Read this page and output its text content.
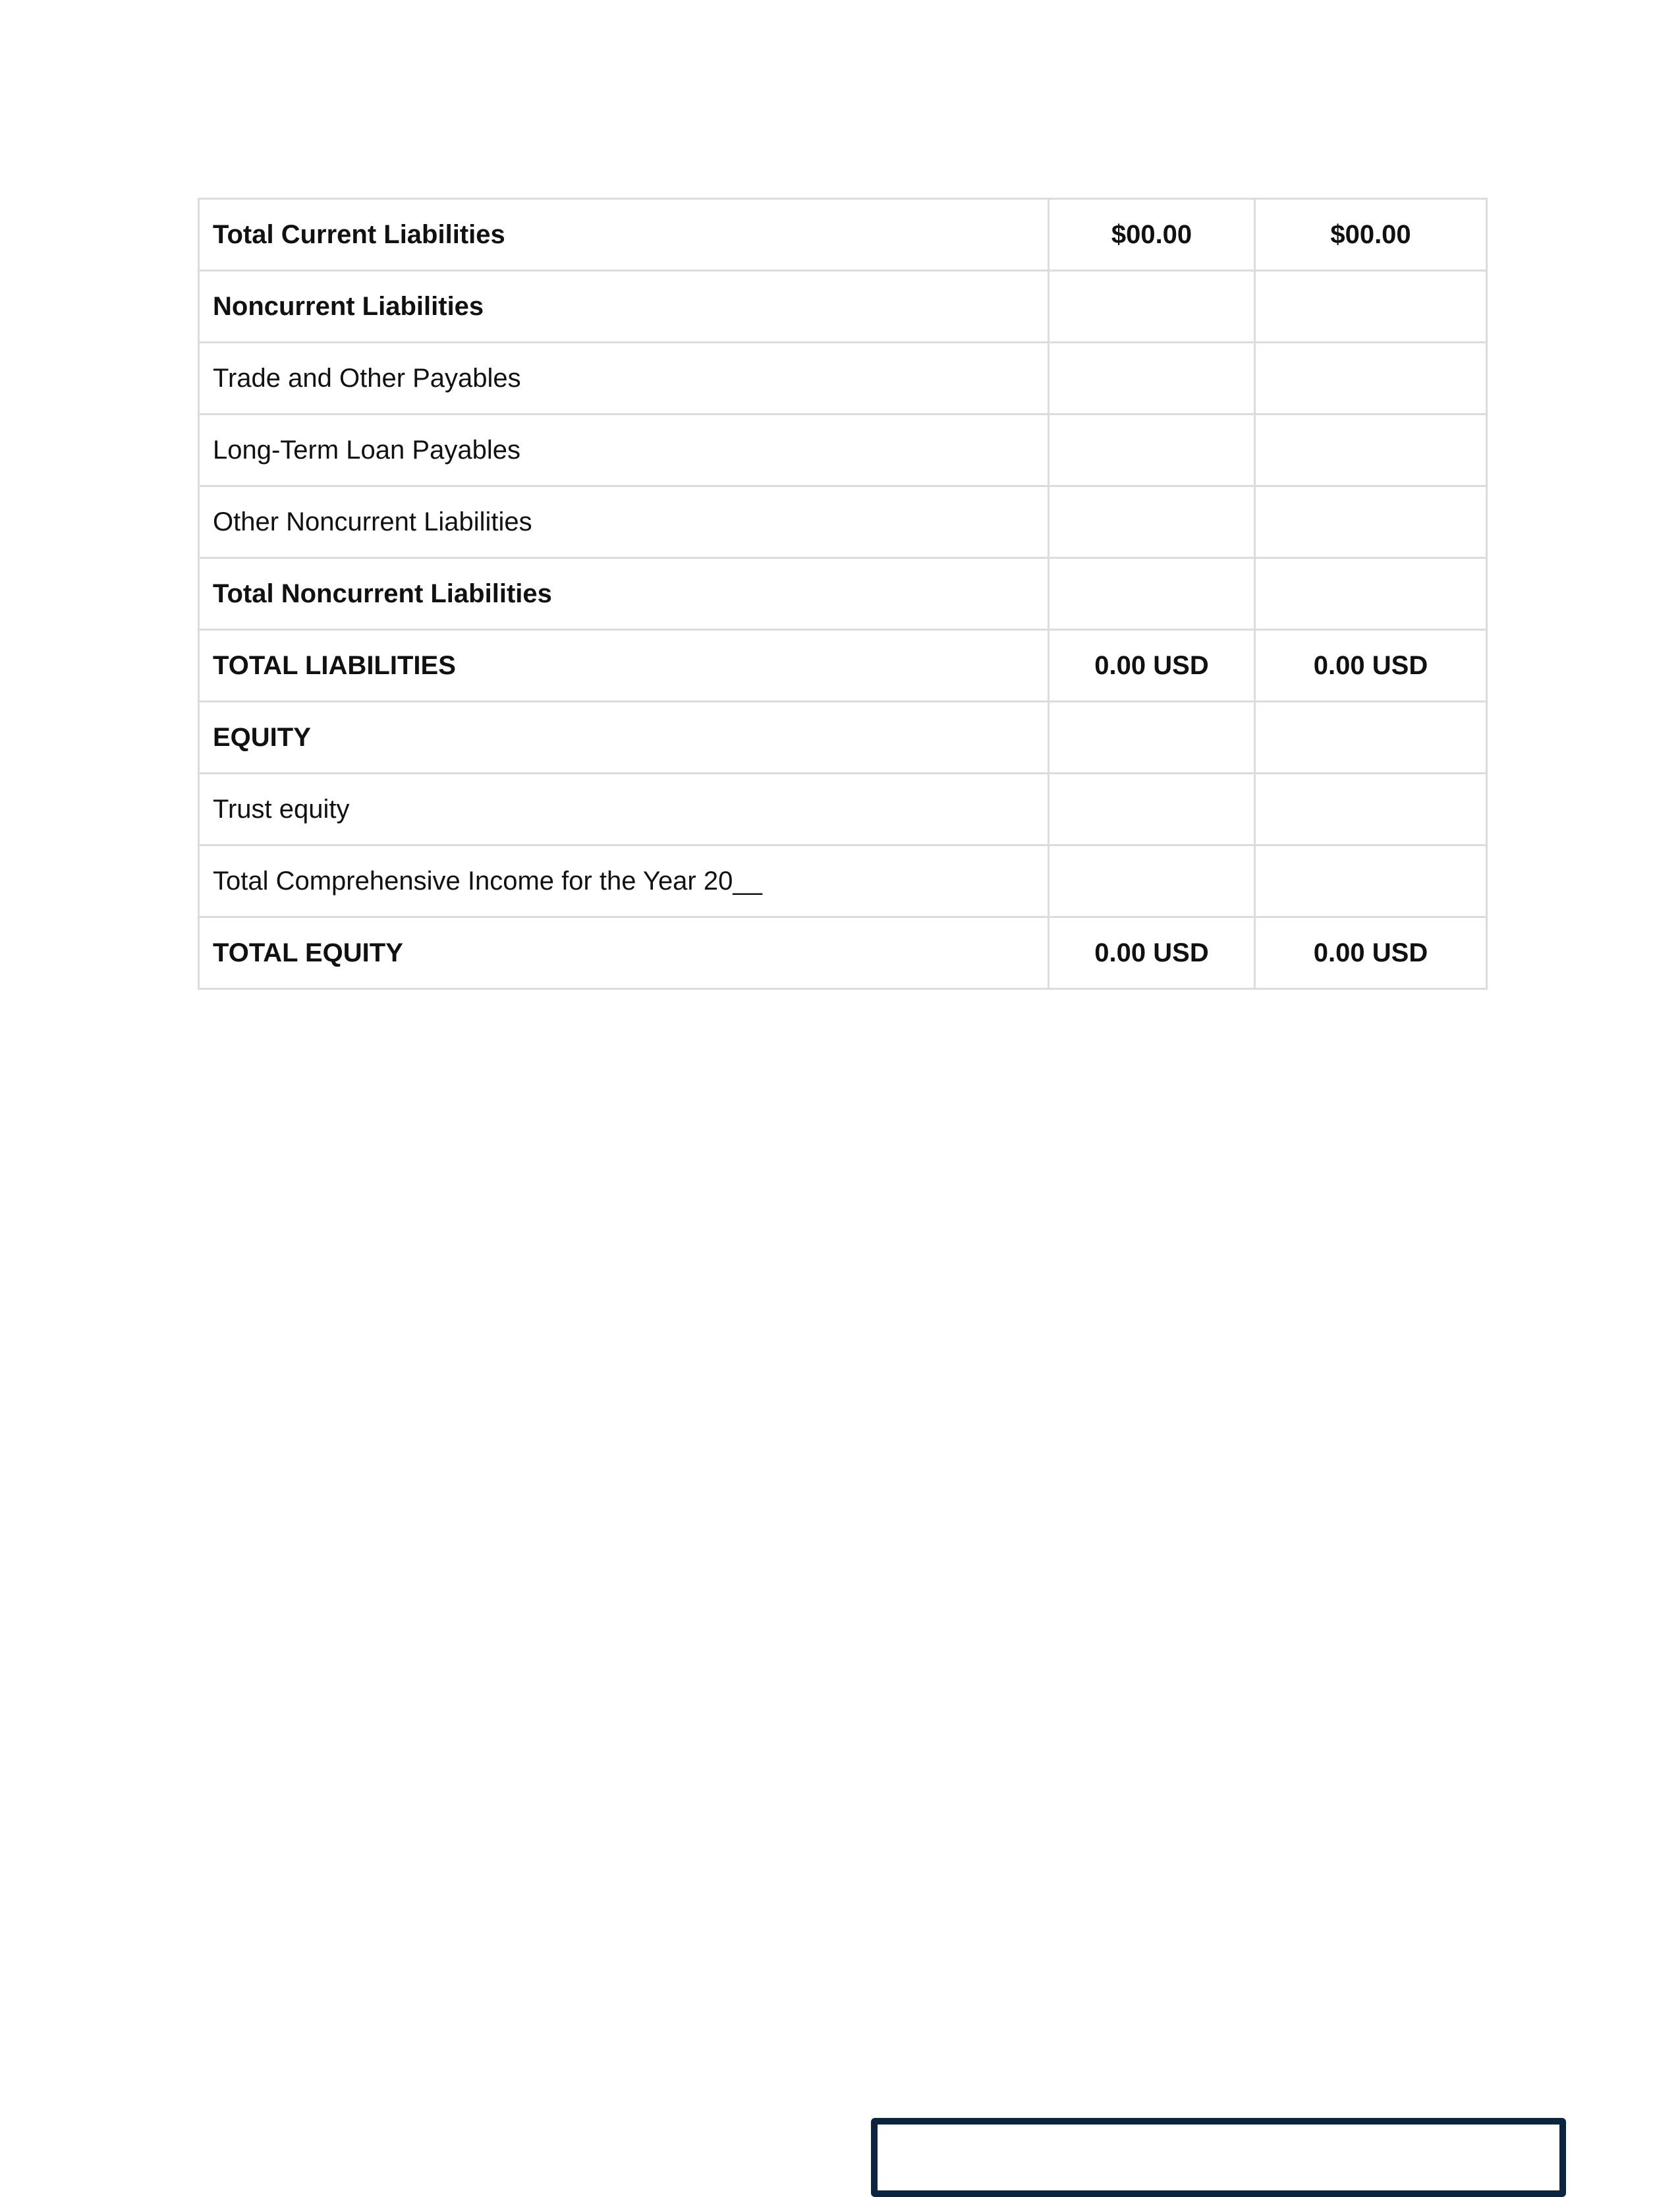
Total Current Liabilities	$00.00	$00.00
Noncurrent Liabilities		
Trade and Other Payables		
Long-Term Loan Payables		
Other Noncurrent Liabilities		
Total Noncurrent Liabilities		
TOTAL LIABILITIES	0.00 USD	0.00 USD
EQUITY		
Trust equity		
Total Comprehensive Income for the Year 20__		
TOTAL EQUITY	0.00 USD	0.00 USD
